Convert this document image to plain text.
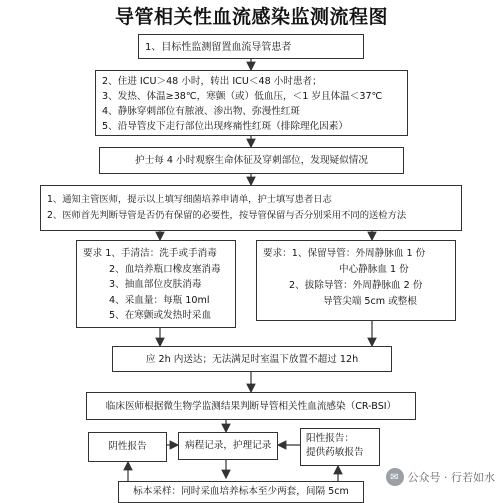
导管相关性血流感染监测流程图
1、目标性监测留置血流导管患者
2、住进 ICU＞48 小时，转出 ICU＜48 小时患者；
3、发热、体温≥38℃，寒颤（或）低血压，＜1 岁且体温＜37℃
4、静脉穿刺部位有脓液、渗出物、弥漫性红斑
5、沿导管皮下走行部位出现疼痛性红斑（排除理化因素）
护士每 4 小时观察生命体征及穿刺部位，发现疑似情况
1、通知主管医师，提示以上填写细菌培养申请单，护士填写患者日志
2、医师首先判断导管是否仍有保留的必要性，按导管保留与否分别采用不同的送检方法
要求 1、手清洁：洗手或手消毒
2、血培养瓶口橡皮塞消毒
3、抽血部位皮肤消毒
4、采血量：每瓶 10ml
5、在寒颤或发热时采血
要求：1、保留导管：外周静脉血 1 份
中心静脉血 1 份
2、拔除导管：外周静脉血 2 份
导管尖端 5cm 或整根
应 2h 内送达；无法满足时室温下放置不超过 12h
临床医师根据微生物学监测结果判断导管相关性血流感染（CR-BSI）
阴性报告	病程记录，护理记录
阳性报告：
提供药敏报告
标本采样：同时采血培养标本至少两套，间隔 5cm
✉ 公众号 · 行若如水
